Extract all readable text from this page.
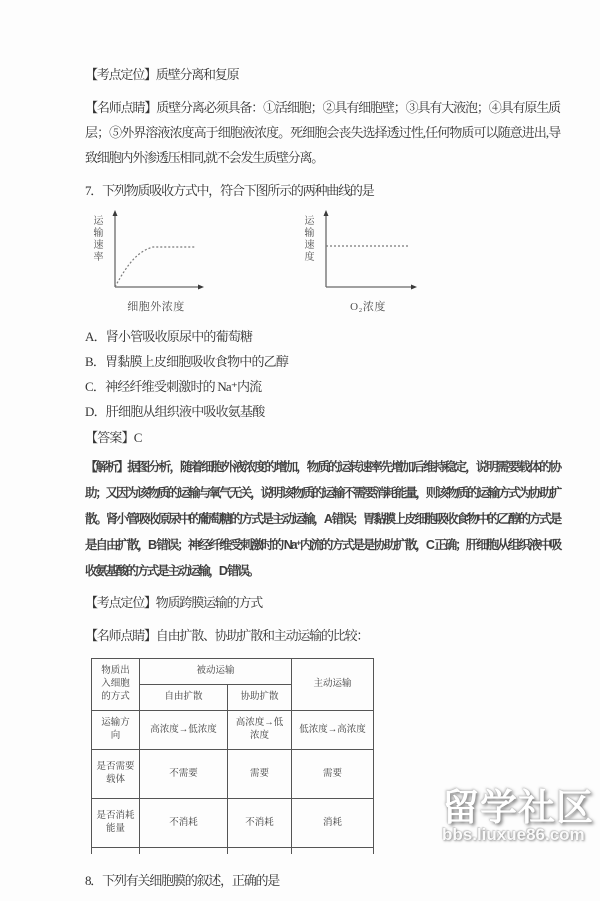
【考点定位】质壁分离和复原

【名师点睛】质壁分离必须具备：①活细胞；②具有细胞壁；③具有大液泡；④具有原生质层；⑤外界溶液浓度高于细胞液浓度。死细胞会丧失选择透过性,任何物质可以随意进出,导致细胞内外渗透压相同,就不会发生质壁分离。

7．下列物质吸收方式中，符合下图所示的两种曲线的是

运输速率
细胞外浓度
运输速度
O₂浓度
A．肾小管吸收原尿中的葡萄糖
B．胃黏膜上皮细胞吸收食物中的乙醇
C．神经纤维受刺激时的 Na⁺内流
D．肝细胞从组织液中吸收氨基酸
【答案】C

【解析】据图分析，随着细胞外液浓度的增加，物质的运转速率先增加后维持稳定，说明需要载体的协助；又因为该物质的运输与氧气无关，说明该物质的运输不需要消耗能量，则该物质的运输方式为协助扩散。肾小管吸收原尿中的葡萄糖的方式是主动运输，A 错误；胃黏膜上皮细胞吸收食物中的乙醇的方式是是自由扩散，B 错误；神经纤维受刺激时的 Na⁺内流的方式是是协助扩散，C 正确；肝细胞从组织液中吸收氨基酸的方式是主动运输，D 错误。

【考点定位】物质跨膜运输的方式

【名师点睛】自由扩散、协助扩散和主动运输的比较：

物质出入细胞的方式	被动运输		主动运输
	自由扩散	协助扩散	
运输方向	高浓度→低浓度	高浓度→低浓度	低浓度→高浓度
是否需要载体	不需要	需要	需要
是否消耗能量	不消耗	不消耗	消耗

8．下列有关细胞膜的叙述，正确的是

留学社区
bbs.liuxue86.com
